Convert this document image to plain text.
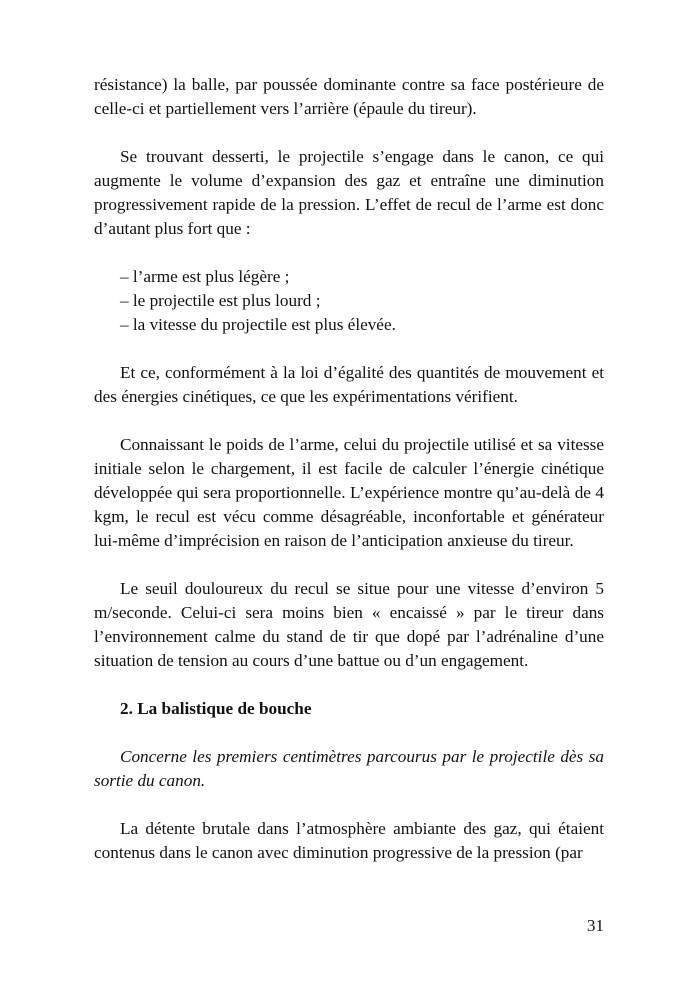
résistance) la balle, par poussée dominante contre sa face postérieure de celle-ci et partiellement vers l’arrière (épaule du tireur).

Se trouvant desserti, le projectile s’engage dans le canon, ce qui augmente le volume d’expansion des gaz et entraîne une diminution progressivement rapide de la pression. L’effet de recul de l’arme est donc d’autant plus fort que :

– l’arme est plus légère ;
– le projectile est plus lourd ;
– la vitesse du projectile est plus élevée.

Et ce, conformément à la loi d’égalité des quantités de mouvement et des énergies cinétiques, ce que les expérimentations vérifient.

Connaissant le poids de l’arme, celui du projectile utilisé et sa vitesse initiale selon le chargement, il est facile de calculer l’énergie cinétique développée qui sera proportionnelle. L’expérience montre qu’au-delà de 4 kgm, le recul est vécu comme désagréable, inconfortable et générateur lui-même d’imprécision en raison de l’anticipation anxieuse du tireur.

Le seuil douloureux du recul se situe pour une vitesse d’environ 5 m/seconde. Celui-ci sera moins bien « encaissé » par le tireur dans l’environnement calme du stand de tir que dopé par l’adrénaline d’une situation de tension au cours d’une battue ou d’un engagement.

2. La balistique de bouche

Concerne les premiers centimètres parcourus par le projectile dès sa sortie du canon.

La détente brutale dans l’atmosphère ambiante des gaz, qui étaient contenus dans le canon avec diminution progressive de la pression (par

31
